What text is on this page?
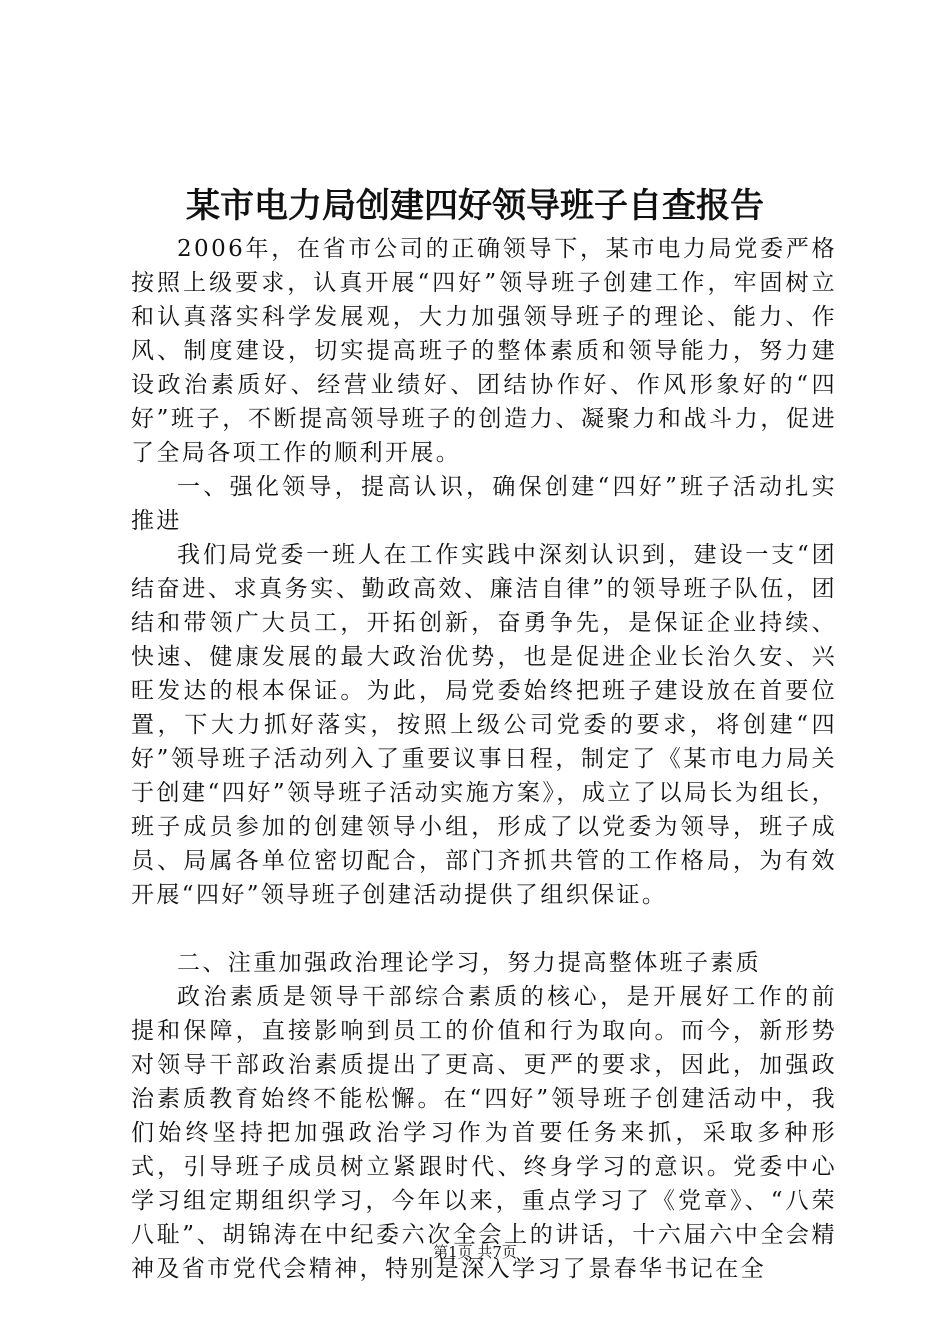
某市电力局创建四好领导班子自查报告

2006年，在省市公司的正确领导下，某市电力局党委严格按照上级要求，认真开展“四好”领导班子创建工作，牢固树立和认真落实科学发展观，大力加强领导班子的理论、能力、作风、制度建设，切实提高班子的整体素质和领导能力，努力建设政治素质好、经营业绩好、团结协作好、作风形象好的“四好”班子，不断提高领导班子的创造力、凝聚力和战斗力，促进了全局各项工作的顺利开展。

一、强化领导，提高认识，确保创建“四好”班子活动扎实推进

我们局党委一班人在工作实践中深刻认识到，建设一支“团结奋进、求真务实、勤政高效、廉洁自律”的领导班子队伍，团结和带领广大员工，开拓创新，奋勇争先，是保证企业持续、快速、健康发展的最大政治优势，也是促进企业长治久安、兴旺发达的根本保证。为此，局党委始终把班子建设放在首要位置，下大力抓好落实，按照上级公司党委的要求，将创建“四好”领导班子活动列入了重要议事日程，制定了《某市电力局关于创建“四好”领导班子活动实施方案》，成立了以局长为组长，班子成员参加的创建领导小组，形成了以党委为领导，班子成员、局属各单位密切配合，部门齐抓共管的工作格局，为有效开展“四好”领导班子创建活动提供了组织保证。

二、注重加强政治理论学习，努力提高整体班子素质

政治素质是领导干部综合素质的核心，是开展好工作的前提和保障，直接影响到员工的价值和行为取向。而今，新形势对领导干部政治素质提出了更高、更严的要求，因此，加强政治素质教育始终不能松懈。在“四好”领导班子创建活动中，我们始终坚持把加强政治学习作为首要任务来抓，采取多种形式，引导班子成员树立紧跟时代、终身学习的意识。党委中心学习组定期组织学习，今年以来，重点学习了《党章》、“八荣八耻”、胡锦涛在中纪委六次全会上的讲话，十六届六中全会精神及省市党代会精神，特别是深入学习了景春华书记在全

第1页 共7页
